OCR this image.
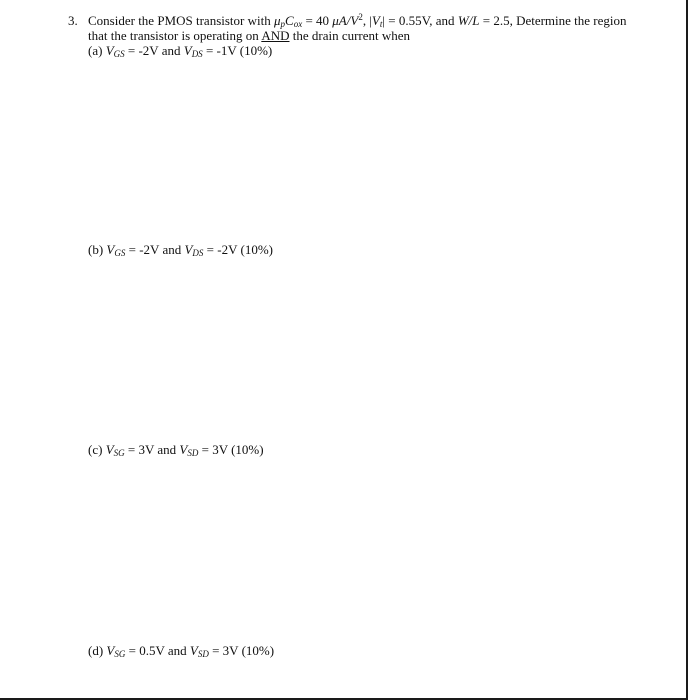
3. Consider the PMOS transistor with $\mu_pC_{ox} = 40$ $\mu A/V^2$, $|V_t| = 0.55V$, and W/L = 2.5, Determine the region
that the transistor is operating on AND the drain current when
(a) $V_{GS} = -2V$ and $V_{DS} = -1V$ (10%)
(b) $V_{GS} = -2V$ and $V_{DS} = -2V$ (10%)
(c) $V_{SG} = 3V$ and $V_{SD} = 3V$ (10%)
(d) $V_{SG} = 0.5V$ and $V_{SD} = 3V$ (10%)
